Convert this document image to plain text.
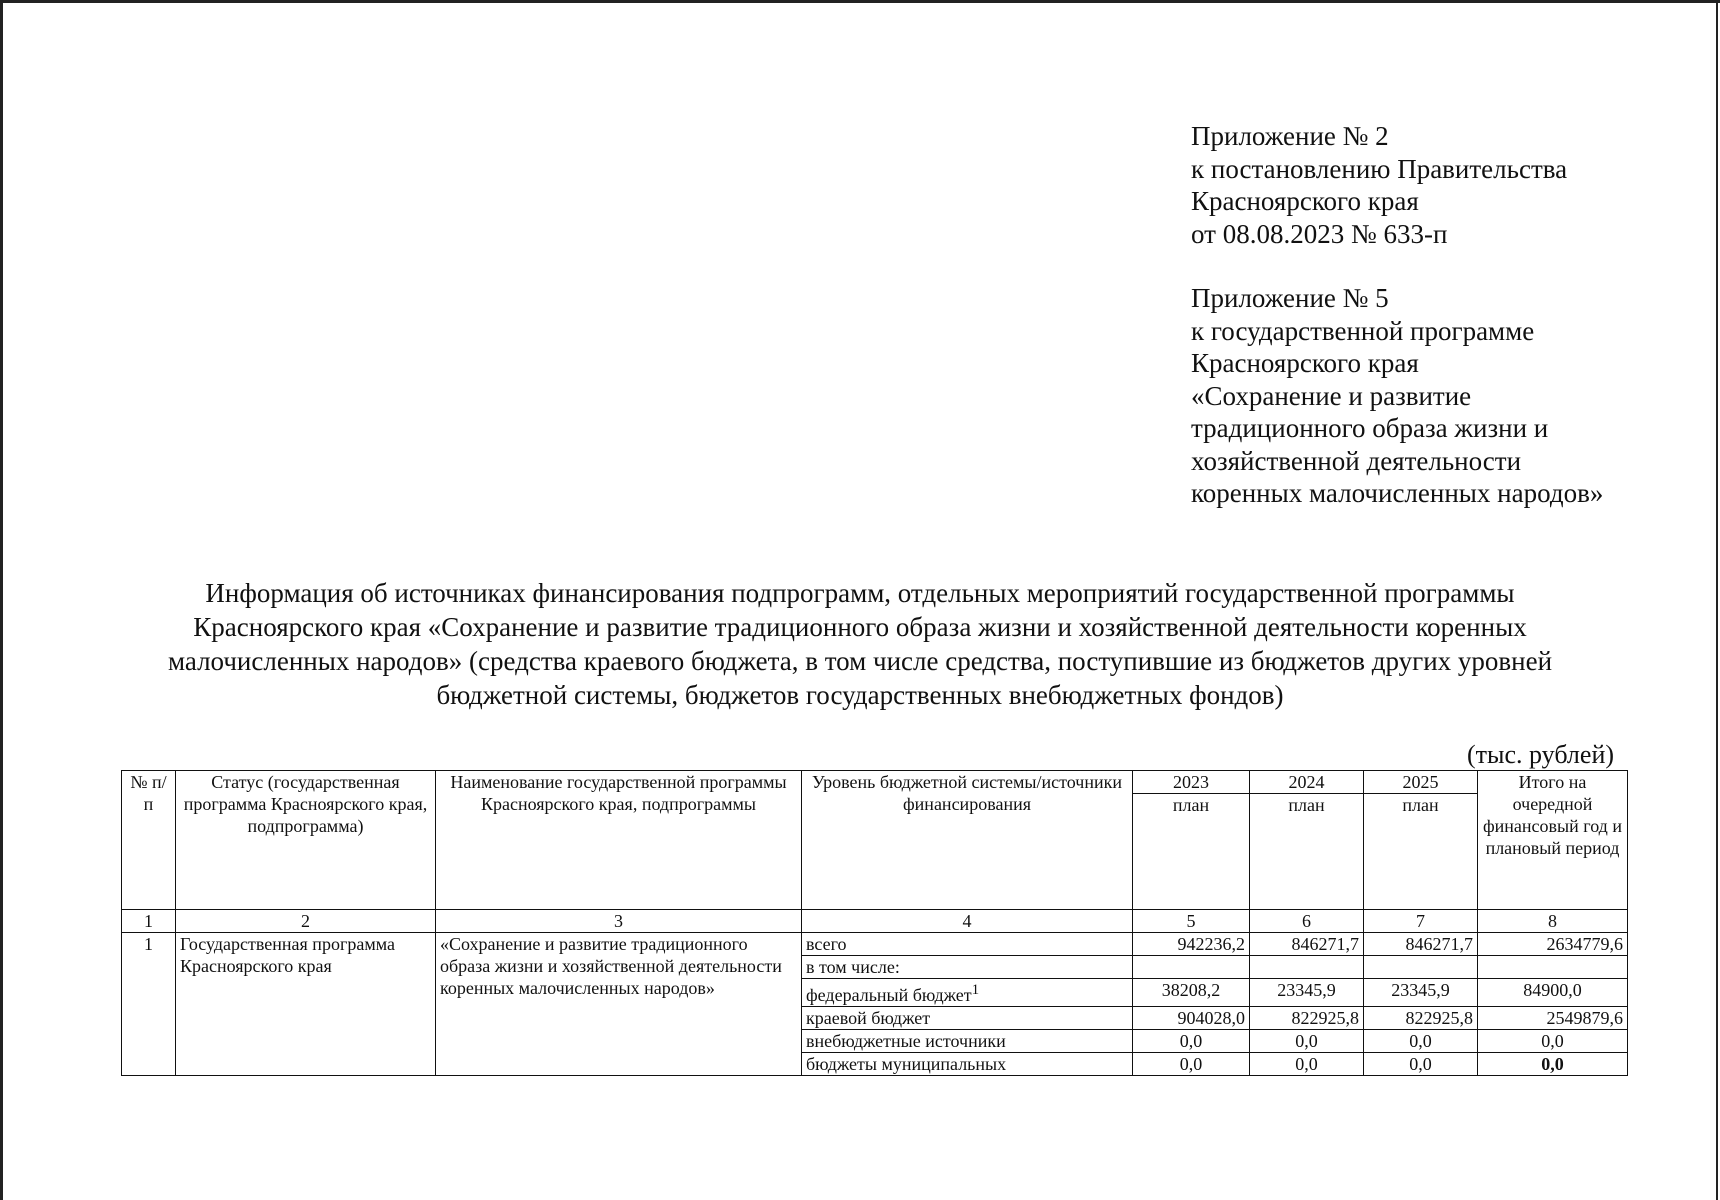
Приложение № 2
к постановлению Правительства
Красноярского края
от 08.08.2023 № 633-п
Приложение № 5
к государственной программе
Красноярского края
«Сохранение и развитие
традиционного образа жизни и
хозяйственной деятельности
коренных малочисленных народов»
Информация об источниках финансирования подпрограмм, отдельных мероприятий государственной программы
Красноярского края «Сохранение и развитие традиционного образа жизни и хозяйственной деятельности коренных
малочисленных народов» (средства краевого бюджета, в том числе средства, поступившие из бюджетов других уровней
бюджетной системы, бюджетов государственных внебюджетных фондов)
(тыс. рублей)
№ п/п	Статус (государственная программа Красноярского края, подпрограмма)	Наименование государственной программы Красноярского края, подпрограммы	Уровень бюджетной системы/источники финансирования	2023	2024	2025	Итого на очередной финансовый год и плановый период
				план	план	план	
1	2	3	4	5	6	7	8
1	Государственная программа Красноярского края	«Сохранение и развитие традиционного образа жизни и хозяйственной деятельности коренных малочисленных народов»	всего	942236,2	846271,7	846271,7	2634779,6
			в том числе:				
			федеральный бюджет$^1$	38208,2	23345,9	23345,9	84900,0
			краевой бюджет	904028,0	822925,8	822925,8	2549879,6
			внебюджетные источники	0,0	0,0	0,0	0,0
			бюджеты муниципальных	0,0	0,0	0,0	0,0
